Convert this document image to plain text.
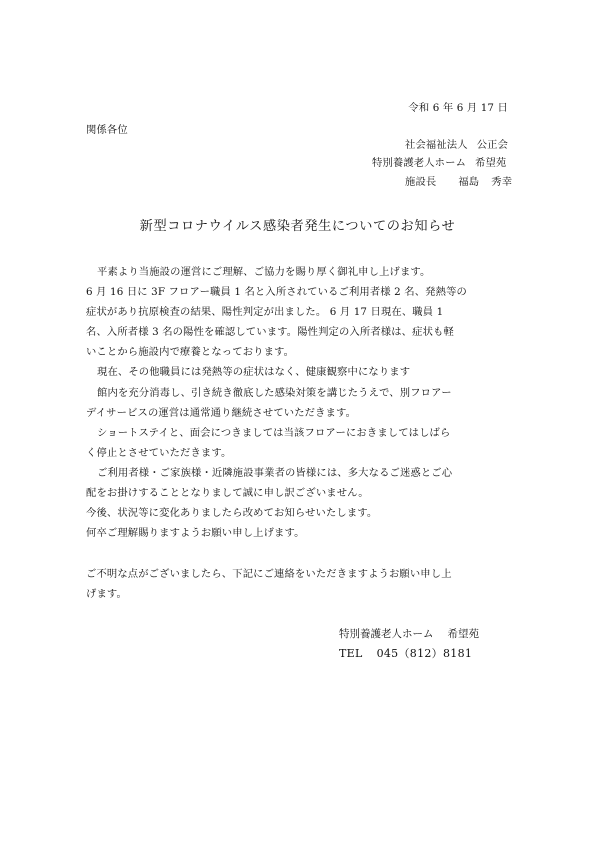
令和 6 年 6 月 17 日
関係各位
社会福祉法人 公正会
特別養護老人ホーム 希望苑
施設長 福島 秀幸
新型コロナウイルス感染者発生についてのお知らせ
平素より当施設の運営にご理解、ご協力を賜り厚く御礼申し上げます。
6 月 16 日に 3F フロアー職員 1 名と入所されているご利用者様 2 名、発熱等の
症状があり抗原検査の結果、陽性判定が出ました。 6 月 17 日現在、職員 1
名、入所者様 3 名の陽性を確認しています。陽性判定の入所者様は、症状も軽
いことから施設内で療養となっております。
現在、その他職員には発熱等の症状はなく、健康観察中になります
館内を充分消毒し、引き続き徹底した感染対策を講じたうえで、別フロアー
デイサービスの運営は通常通り継続させていただきます。
ショートステイと、面会につきましては当該フロアーにおきましてはしばら
く停止とさせていただきます。
ご利用者様・ご家族様・近隣施設事業者の皆様には、多大なるご迷惑とご心
配をお掛けすることとなりまして誠に申し訳ございません。
今後、状況等に変化ありましたら改めてお知らせいたします。
何卒ご理解賜りますようお願い申し上げます。
ご不明な点がございましたら、下記にご連絡をいただきますようお願い申し上
げます。
特別養護老人ホーム 希望苑
TEL 045（812）8181
